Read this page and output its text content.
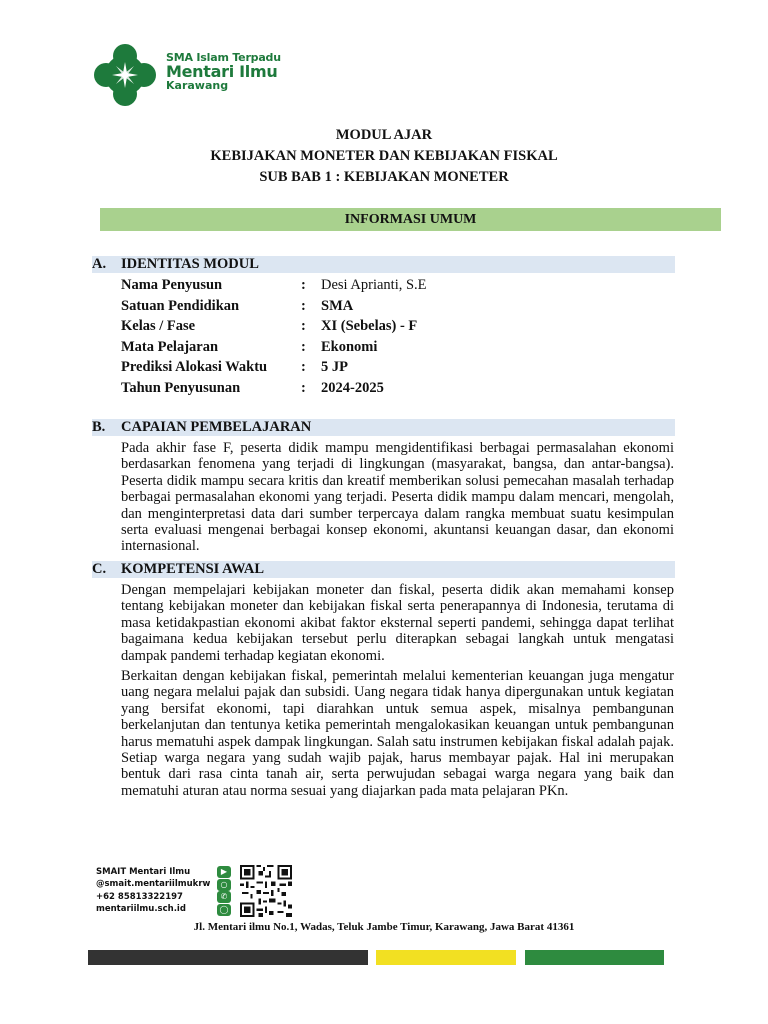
SMA Islam Terpadu
Mentari Ilmu
Karawang
MODUL AJAR
KEBIJAKAN MONETER DAN KEBIJAKAN FISKAL
SUB BAB 1 : KEBIJAKAN MONETER
INFORMASI UMUM
A. IDENTITAS MODUL
Nama Penyusun	: Desi Aprianti, S.E
Satuan Pendidikan	: SMA
Kelas / Fase	: XI (Sebelas) - F
Mata Pelajaran	: Ekonomi
Prediksi Alokasi Waktu	: 5 JP
Tahun Penyusunan	: 2024-2025
B. CAPAIAN PEMBELAJARAN
Pada akhir fase F, peserta didik mampu mengidentifikasi berbagai permasalahan ekonomi berdasarkan fenomena yang terjadi di lingkungan (masyarakat, bangsa, dan antar-bangsa). Peserta didik mampu secara kritis dan kreatif memberikan solusi pemecahan masalah terhadap berbagai permasalahan ekonomi yang terjadi. Peserta didik mampu dalam mencari, mengolah, dan menginterpretasi data dari sumber terpercaya dalam rangka membuat suatu kesimpulan serta evaluasi mengenai berbagai konsep ekonomi, akuntansi keuangan dasar, dan ekonomi internasional.
C. KOMPETENSI AWAL
Dengan mempelajari kebijakan moneter dan fiskal, peserta didik akan memahami konsep tentang kebijakan moneter dan kebijakan fiskal serta penerapannya di Indonesia, terutama di masa ketidakpastian ekonomi akibat faktor eksternal seperti pandemi, sehingga dapat terlihat bagaimana kedua kebijakan tersebut perlu diterapkan sebagai langkah untuk mengatasi dampak pandemi terhadap kegiatan ekonomi.
Berkaitan dengan kebijakan fiskal, pemerintah melalui kementerian keuangan juga mengatur uang negara melalui pajak dan subsidi. Uang negara tidak hanya dipergunakan untuk kegiatan yang bersifat ekonomi, tapi diarahkan untuk semua aspek, misalnya pembangunan berkelanjutan dan tentunya ketika pemerintah mengalokasikan keuangan untuk pembangunan harus mematuhi aspek dampak lingkungan. Salah satu instrumen kebijakan fiskal adalah pajak. Setiap warga negara yang sudah wajib pajak, harus membayar pajak. Hal ini merupakan bentuk dari rasa cinta tanah air, serta perwujudan sebagai warga negara yang baik dan mematuhi aturan atau norma sesuai yang diajarkan pada mata pelajaran PKn.
SMAIT Mentari Ilmu
@smait.mentariilmukrw
+62 85813322197
mentariilmu.sch.id
▶
○
✆
◯
Jl. Mentari ilmu No.1, Wadas, Teluk Jambe Timur, Karawang, Jawa Barat 41361
